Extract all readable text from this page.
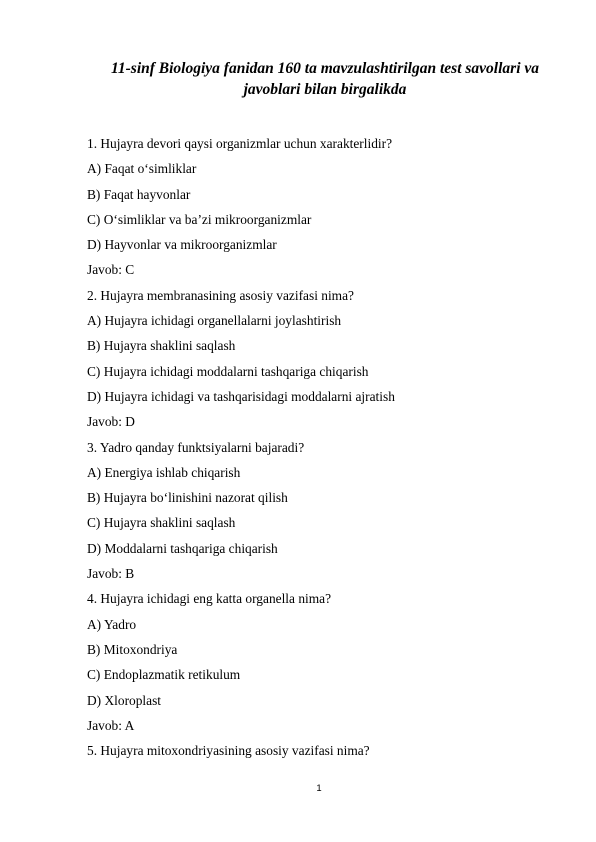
11-sinf Biologiya fanidan 160 ta mavzulashtirilgan test savollari va
javoblari bilan birgalikda
1. Hujayra devori qaysi organizmlar uchun xarakterlidir?
A) Faqat o‘simliklar
B) Faqat hayvonlar
C) O‘simliklar va ba’zi mikroorganizmlar
D) Hayvonlar va mikroorganizmlar
Javob: C
2. Hujayra membranasining asosiy vazifasi nima?
A) Hujayra ichidagi organellalarni joylashtirish
B) Hujayra shaklini saqlash
C) Hujayra ichidagi moddalarni tashqariga chiqarish
D) Hujayra ichidagi va tashqarisidagi moddalarni ajratish
Javob: D
3. Yadro qanday funktsiyalarni bajaradi?
A) Energiya ishlab chiqarish
B) Hujayra bo‘linishini nazorat qilish
C) Hujayra shaklini saqlash
D) Moddalarni tashqariga chiqarish
Javob: B
4. Hujayra ichidagi eng katta organella nima?
A) Yadro
B) Mitoxondriya
C) Endoplazmatik retikulum
D) Xloroplast
Javob: A
5. Hujayra mitoxondriyasining asosiy vazifasi nima?
1
